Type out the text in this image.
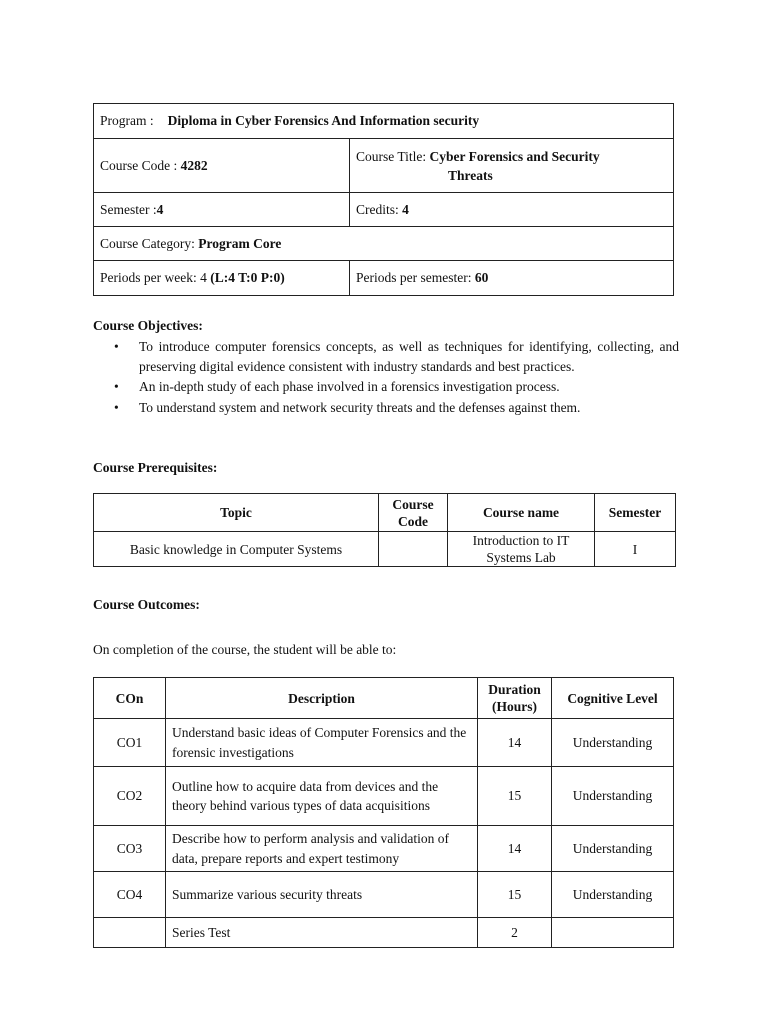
Program : Diploma in Cyber Forensics And Information security	
Course Code : 4282	Course Title: Cyber Forensics and Security
Threats
Semester :4	Credits: 4
Course Category: Program Core	
Periods per week: 4 (L:4 T:0 P:0)	Periods per semester: 60
Course Objectives:
• To introduce computer forensics concepts, as well as techniques for identifying, collecting, and preserving digital evidence consistent with industry standards and best practices.
• An in-depth study of each phase involved in a forensics investigation process.
• To understand system and network security threats and the defenses against them.
Course Prerequisites:
Topic	Course Code	Course name	Semester
Basic knowledge in Computer Systems		Introduction to IT Systems Lab	I
Course Outcomes:
On completion of the course, the student will be able to:
COn	Description	Duration (Hours)	Cognitive Level
CO1	Understand basic ideas of Computer Forensics and the forensic investigations	14	Understanding
CO2	Outline how to acquire data from devices and the theory behind various types of data acquisitions	15	Understanding
CO3	Describe how to perform analysis and validation of data, prepare reports and expert testimony	14	Understanding
CO4	Summarize various security threats	15	Understanding
	Series Test	2	
